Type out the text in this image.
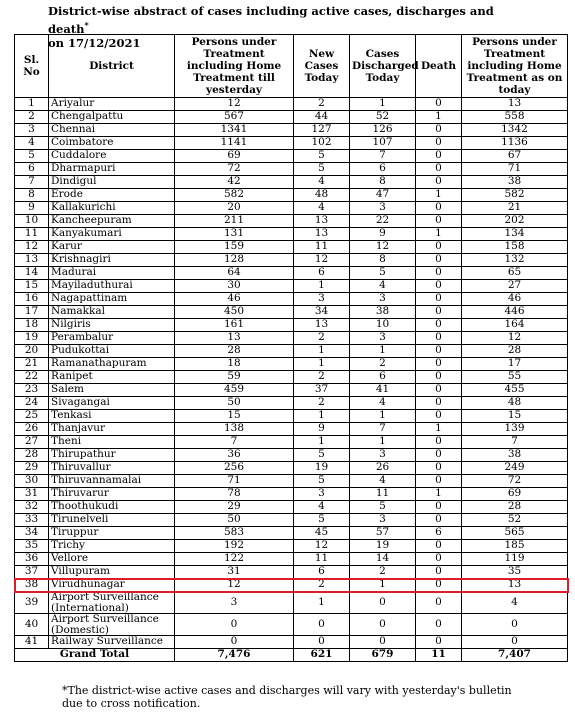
District-wise abstract of cases including active cases, discharges and death*
on 17/12/2021
Sl. No	District	Persons under Treatment including Home Treatment till yesterday	New Cases Today	Cases Discharged Today	Death	Persons under Treatment including Home Treatment as on today
1	Ariyalur	12	2	1	0	13
2	Chengalpattu	567	44	52	1	558
3	Chennai	1341	127	126	0	1342
4	Coimbatore	1141	102	107	0	1136
5	Cuddalore	69	5	7	0	67
6	Dharmapuri	72	5	6	0	71
7	Dindigul	42	4	8	0	38
8	Erode	582	48	47	1	582
9	Kallakurichi	20	4	3	0	21
10	Kancheepuram	211	13	22	0	202
11	Kanyakumari	131	13	9	1	134
12	Karur	159	11	12	0	158
13	Krishnagiri	128	12	8	0	132
14	Madurai	64	6	5	0	65
15	Mayiladuthurai	30	1	4	0	27
16	Nagapattinam	46	3	3	0	46
17	Namakkal	450	34	38	0	446
18	Nilgiris	161	13	10	0	164
19	Perambalur	13	2	3	0	12
20	Pudukottai	28	1	1	0	28
21	Ramanathapuram	18	1	2	0	17
22	Ranipet	59	2	6	0	55
23	Salem	459	37	41	0	455
24	Sivagangai	50	2	4	0	48
25	Tenkasi	15	1	1	0	15
26	Thanjavur	138	9	7	1	139
27	Theni	7	1	1	0	7
28	Thirupathur	36	5	3	0	38
29	Thiruvallur	256	19	26	0	249
30	Thiruvannamalai	71	5	4	0	72
31	Thiruvarur	78	3	11	1	69
32	Thoothukudi	29	4	5	0	28
33	Tirunelveli	50	5	3	0	52
34	Tiruppur	583	45	57	6	565
35	Trichy	192	12	19	0	185
36	Vellore	122	11	14	0	119
37	Villupuram	31	6	2	0	35
38	Virudhunagar	12	2	1	0	13
39	Airport Surveillance (International)	3	1	0	0	4
40	Airport Surveillance (Domestic)	0	0	0	0	0
41	Railway Surveillance	0	0	0	0	0
Grand Total		7,476	621	679	11	7,407
*The district-wise active cases and discharges will vary with yesterday's bulletin due to cross notification.
